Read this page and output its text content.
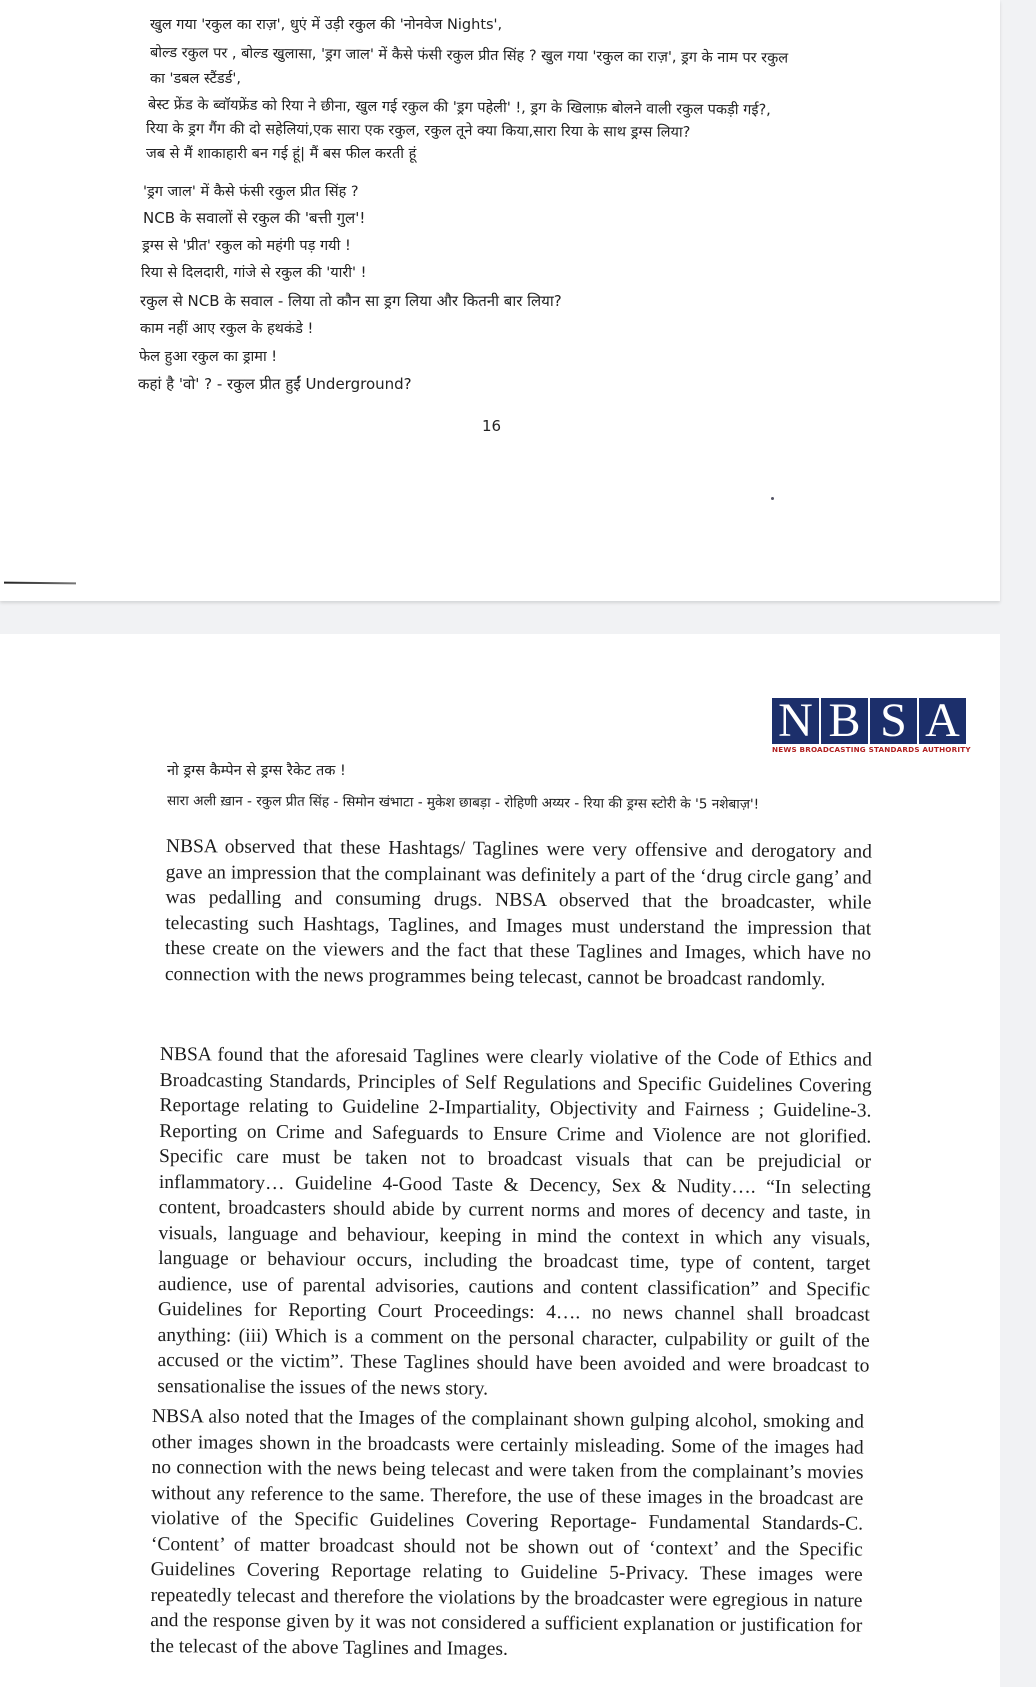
खुल गया 'रकुल का राज़', धुएं में उड़ी रकुल की 'नोनवेज Nights',
बोल्ड रकुल पर , बोल्ड खुलासा, 'ड्रग जाल' में कैसे फंसी रकुल प्रीत सिंह ? खुल गया 'रकुल का राज़', ड्रग के नाम पर रकुल
का 'डबल स्टैंडर्ड',
बेस्ट फ्रेंड के ब्वॉयफ्रेंड को रिया ने छीना, खुल गई रकुल की 'ड्रग पहेली' !, ड्रग के खिलाफ़ बोलने वाली रकुल पकड़ी गई?,
रिया के ड्रग गैंग की दो सहेलियां,एक सारा एक रकुल, रकुल तूने क्या किया,सारा रिया के साथ ड्रग्स लिया?
जब से मैं शाकाहारी बन गई हूं| मैं बस फील करती हूं
'ड्रग जाल' में कैसे फंसी रकुल प्रीत सिंह ?
NCB के सवालों से रकुल की 'बत्ती गुल'!
ड्रग्स से 'प्रीत' रकुल को महंगी पड़ गयी !
रिया से दिलदारी, गांजे से रकुल की 'यारी' !
रकुल से NCB के सवाल - लिया तो कौन सा ड्रग लिया और कितनी बार लिया?
काम नहीं आए रकुल के हथकंडे !
फेल हुआ रकुल का ड्रामा !
कहां है 'वो' ? - रकुल प्रीत हुईं Underground?
16
N B S A
NEWS BROADCASTING STANDARDS AUTHORITY
नो ड्रग्स कैम्पेन से ड्रग्स रैकेट तक !
सारा अली ख़ान - रकुल प्रीत सिंह - सिमोन खंभाटा - मुकेश छाबड़ा - रोहिणी अय्यर - रिया की ड्रग्स स्टोरी के '5 नशेबाज़'!
NBSA observed that these Hashtags/ Taglines were very offensive and derogatory and gave an impression that the complainant was definitely a part of the ‘drug circle gang’ and was pedalling and consuming drugs. NBSA observed that the broadcaster, while telecasting such Hashtags, Taglines, and Images must understand the impression that these create on the viewers and the fact that these Taglines and Images, which have no connection with the news programmes being telecast, cannot be broadcast randomly.
NBSA found that the aforesaid Taglines were clearly violative of the Code of Ethics and Broadcasting Standards, Principles of Self Regulations and Specific Guidelines Covering Reportage relating to Guideline 2-Impartiality, Objectivity and Fairness ; Guideline-3. Reporting on Crime and Safeguards to Ensure Crime and Violence are not glorified. Specific care must be taken not to broadcast visuals that can be prejudicial or inflammatory… Guideline 4-Good Taste & Decency, Sex & Nudity…. “In selecting content, broadcasters should abide by current norms and mores of decency and taste, in visuals, language and behaviour, keeping in mind the context in which any visuals, language or behaviour occurs, including the broadcast time, type of content, target audience, use of parental advisories, cautions and content classification” and Specific Guidelines for Reporting Court Proceedings: 4…. no news channel shall broadcast anything: (iii) Which is a comment on the personal character, culpability or guilt of the accused or the victim”. These Taglines should have been avoided and were broadcast to sensationalise the issues of the news story.
NBSA also noted that the Images of the complainant shown gulping alcohol, smoking and other images shown in the broadcasts were certainly misleading. Some of the images had no connection with the news being telecast and were taken from the complainant’s movies without any reference to the same. Therefore, the use of these images in the broadcast are violative of the Specific Guidelines Covering Reportage- Fundamental Standards-C. ‘Content’ of matter broadcast should not be shown out of ‘context’ and the Specific Guidelines Covering Reportage relating to Guideline 5-Privacy. These images were repeatedly telecast and therefore the violations by the broadcaster were egregious in nature and the response given by it was not considered a sufficient explanation or justification for the telecast of the above Taglines and Images.
